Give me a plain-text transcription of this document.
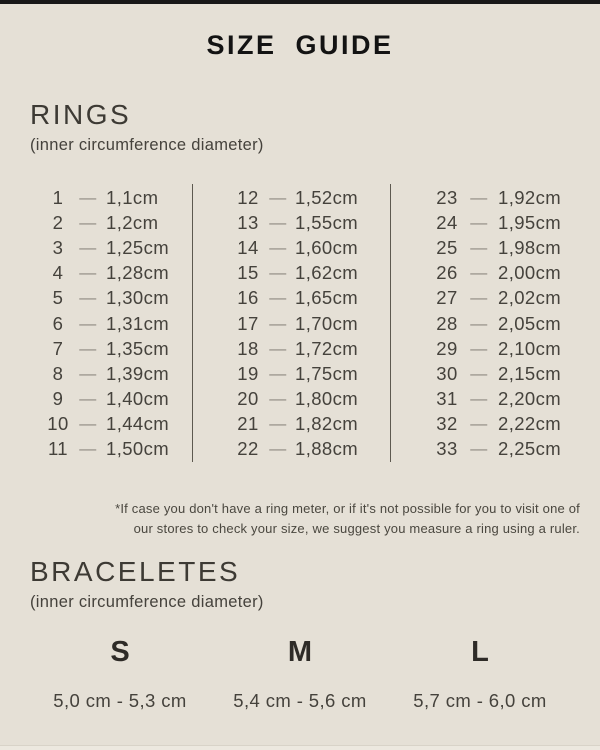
SIZE GUIDE
RINGS
(inner circumference diameter)
1 — 1,1cm
2 — 1,2cm
3 — 1,25cm
4 — 1,28cm
5 — 1,30cm
6 — 1,31cm
7 — 1,35cm
8 — 1,39cm
9 — 1,40cm
10 — 1,44cm
11 — 1,50cm
12 — 1,52cm
13 — 1,55cm
14 — 1,60cm
15 — 1,62cm
16 — 1,65cm
17 — 1,70cm
18 — 1,72cm
19 — 1,75cm
20 — 1,80cm
21 — 1,82cm
22 — 1,88cm
23 — 1,92cm
24 — 1,95cm
25 — 1,98cm
26 — 2,00cm
27 — 2,02cm
28 — 2,05cm
29 — 2,10cm
30 — 2,15cm
31 — 2,20cm
32 — 2,22cm
33 — 2,25cm
*If case you don't have a ring meter, or if it's not possible for you to visit one of
our stores to check your size, we suggest you measure a ring using a ruler.
BRACELETES
(inner circumference diameter)
S	M	L
5,0 cm - 5,3 cm	5,4 cm - 5,6 cm	5,7 cm - 6,0 cm
